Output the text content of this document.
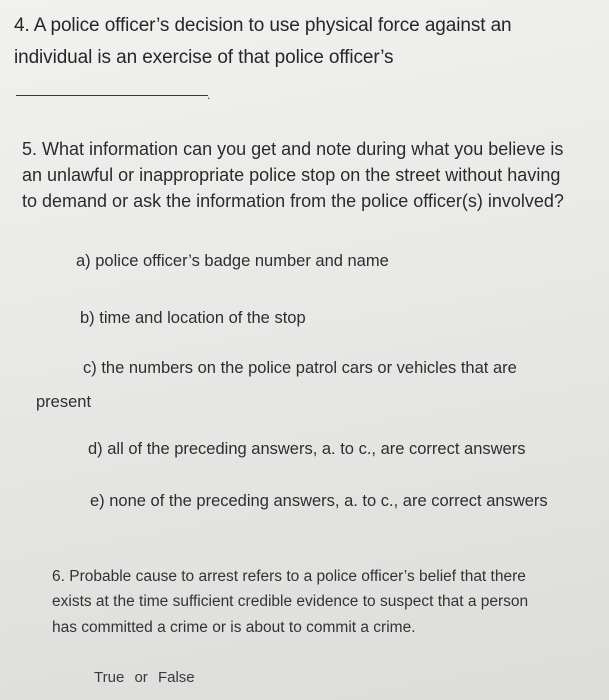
4. A police officer’s decision to use physical force against an

individual is an exercise of that police officer’s

.

5. What information can you get and note during what you believe is

an unlawful or inappropriate police stop on the street without having

to demand or ask the information from the police officer(s) involved?

a) police officer’s badge number and name

b) time and location of the stop

c) the numbers on the police patrol cars or vehicles that are

present

d) all of the preceding answers, a. to c., are correct answers

e) none of the preceding answers, a. to c., are correct answers

6. Probable cause to arrest refers to a police officer’s belief that there

exists at the time sufficient credible evidence to suspect that a person

has committed a crime or is about to commit a crime.

True or False
